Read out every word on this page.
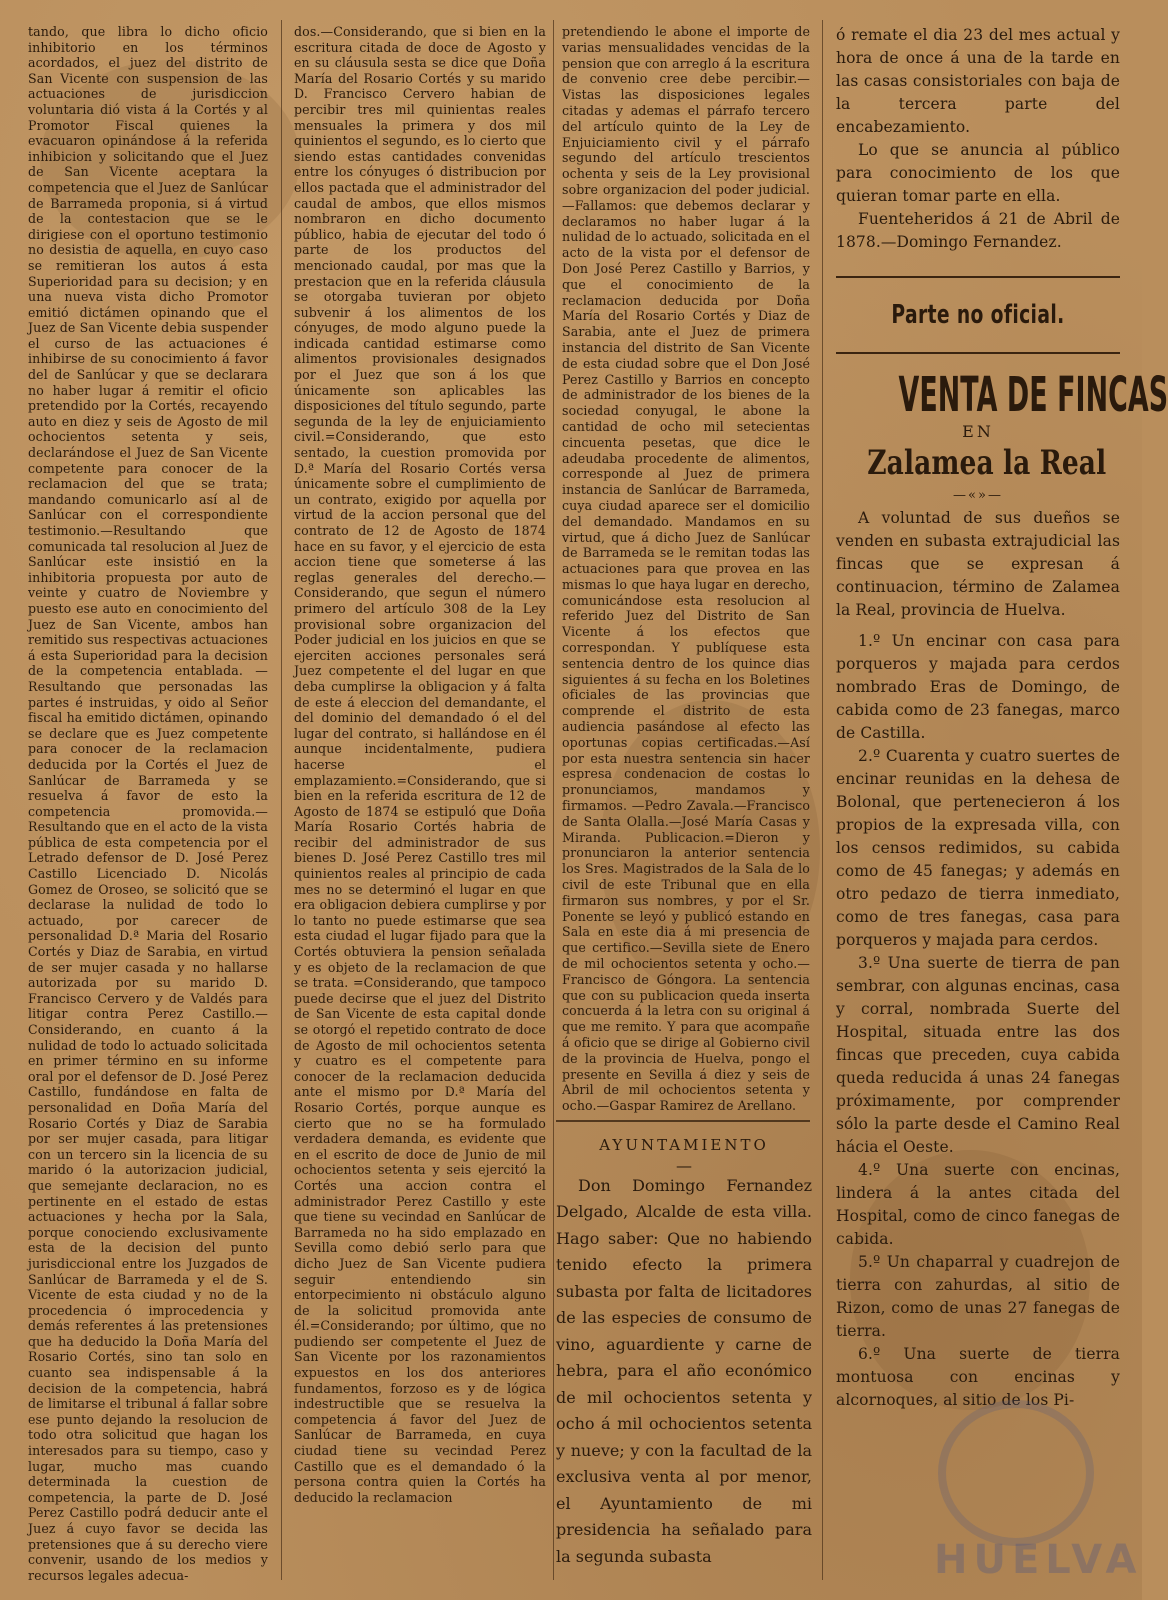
tando, que libra lo dicho oficio inhibitorio en los términos acordados, el juez del distrito de San Vicente con suspension de las actuaciones de jurisdiccion voluntaria dió vista á la Cortés y al Promotor Fiscal quienes la evacuaron opinándose á la referida inhibicion y solicitando que el Juez de San Vicente aceptara la competencia que el Juez de Sanlúcar de Barrameda proponia, si á virtud de la contestacion que se le dirigiese con el oportuno testimonio no desistia de aquella, en cuyo caso se remitieran los autos á esta Superioridad para su decision; y en una nueva vista dicho Promotor emitió dictámen opinando que el Juez de San Vicente debia suspender el curso de las actuaciones é inhibirse de su conocimiento á favor del de Sanlúcar y que se declarara no haber lugar á remitir el oficio pretendido por la Cortés, recayendo auto en diez y seis de Agosto de mil ochocientos setenta y seis, declarándose el Juez de San Vicente competente para conocer de la reclamacion del que se trata; mandando comunicarlo así al de Sanlúcar con el correspondiente testimonio.—Resultando que comunicada tal resolucion al Juez de Sanlúcar este insistió en la inhibitoria propuesta por auto de veinte y cuatro de Noviembre y puesto ese auto en conocimiento del Juez de San Vicente, ambos han remitido sus respectivas actuaciones á esta Superioridad para la decision de la competencia entablada. —Resultando que personadas las partes é instruidas, y oido al Señor fiscal ha emitido dictámen, opinando se declare que es Juez competente para conocer de la reclamacion deducida por la Cortés el Juez de Sanlúcar de Barrameda y se resuelva á favor de esto la competencia promovida.—Resultando que en el acto de la vista pública de esta competencia por el Letrado defensor de D. José Perez Castillo Licenciado D. Nicolás Gomez de Oroseo, se solicitó que se declarase la nulidad de todo lo actuado, por carecer de personalidad D.ª Maria del Rosario Cortés y Diaz de Sarabia, en virtud de ser mujer casada y no hallarse autorizada por su marido D. Francisco Cervero y de Valdés para litigar contra Perez Castillo.—Considerando, en cuanto á la nulidad de todo lo actuado solicitada en primer término en su informe oral por el defensor de D. José Perez Castillo, fundándose en falta de personalidad en Doña María del Rosario Cortés y Diaz de Sarabia por ser mujer casada, para litigar con un tercero sin la licencia de su marido ó la autorizacion judicial, que semejante declaracion, no es pertinente en el estado de estas actuaciones y hecha por la Sala, porque conociendo exclusivamente esta de la decision del punto jurisdiccional entre los Juzgados de Sanlúcar de Barrameda y el de S. Vicente de esta ciudad y no de la procedencia ó improcedencia y demás referentes á las pretensiones que ha deducido la Doña María del Rosario Cortés, sino tan solo en cuanto sea indispensable á la decision de la competencia, habrá de limitarse el tribunal á fallar sobre ese punto dejando la resolucion de todo otra solicitud que hagan los interesados para su tiempo, caso y lugar, mucho mas cuando determinada la cuestion de competencia, la parte de D. José Perez Castillo podrá deducir ante el Juez á cuyo favor se decida las pretensiones que á su derecho viere convenir, usando de los medios y recursos legales adecua-

dos.—Considerando, que si bien en la escritura citada de doce de Agosto y en su cláusula sesta se dice que Doña María del Rosario Cortés y su marido D. Francisco Cervero habian de percibir tres mil quinientas reales mensuales la primera y dos mil quinientos el segundo, es lo cierto que siendo estas cantidades convenidas entre los cónyuges ó distribucion por ellos pactada que el administrador del caudal de ambos, que ellos mismos nombraron en dicho documento público, habia de ejecutar del todo ó parte de los productos del mencionado caudal, por mas que la prestacion que en la referida cláusula se otorgaba tuvieran por objeto subvenir á los alimentos de los cónyuges, de modo alguno puede la indicada cantidad estimarse como alimentos provisionales designados por el Juez que son á los que únicamente son aplicables las disposiciones del título segundo, parte segunda de la ley de enjuiciamiento civil.=Considerando, que esto sentado, la cuestion promovida por D.ª María del Rosario Cortés versa únicamente sobre el cumplimiento de un contrato, exigido por aquella por virtud de la accion personal que del contrato de 12 de Agosto de 1874 hace en su favor, y el ejercicio de esta accion tiene que someterse á las reglas generales del derecho.—Considerando, que segun el número primero del artículo 308 de la Ley provisional sobre organizacion del Poder judicial en los juicios en que se ejerciten acciones personales será Juez competente el del lugar en que deba cumplirse la obligacion y á falta de este á eleccion del demandante, el del dominio del demandado ó el del lugar del contrato, si hallándose en él aunque incidentalmente, pudiera hacerse el emplazamiento.=Considerando, que si bien en la referida escritura de 12 de Agosto de 1874 se estipuló que Doña María Rosario Cortés habria de recibir del administrador de sus bienes D. José Perez Castillo tres mil quinientos reales al principio de cada mes no se determinó el lugar en que era obligacion debiera cumplirse y por lo tanto no puede estimarse que sea esta ciudad el lugar fijado para que la Cortés obtuviera la pension señalada y es objeto de la reclamacion de que se trata. =Considerando, que tampoco puede decirse que el juez del Distrito de San Vicente de esta capital donde se otorgó el repetido contrato de doce de Agosto de mil ochocientos setenta y cuatro es el competente para conocer de la reclamacion deducida ante el mismo por D.ª María del Rosario Cortés, porque aunque es cierto que no se ha formulado verdadera demanda, es evidente que en el escrito de doce de Junio de mil ochocientos setenta y seis ejercitó la Cortés una accion contra el administrador Perez Castillo y este que tiene su vecindad en Sanlúcar de Barrameda no ha sido emplazado en Sevilla como debió serlo para que dicho Juez de San Vicente pudiera seguir entendiendo sin entorpecimiento ni obstáculo alguno de la solicitud promovida ante él.=Considerando; por último, que no pudiendo ser competente el Juez de San Vicente por los razonamientos expuestos en los dos anteriores fundamentos, forzoso es y de lógica indestructible que se resuelva la competencia á favor del Juez de Sanlúcar de Barrameda, en cuya ciudad tiene su vecindad Perez Castillo que es el demandado ó la persona contra quien la Cortés ha deducido la reclamacion

pretendiendo le abone el importe de varias mensualidades vencidas de la pension que con arreglo á la escritura de convenio cree debe percibir.—Vistas las disposiciones legales citadas y ademas el párrafo tercero del artículo quinto de la Ley de Enjuiciamiento civil y el párrafo segundo del artículo trescientos ochenta y seis de la Ley provisional sobre organizacion del poder judicial.—Fallamos: que debemos declarar y declaramos no haber lugar á la nulidad de lo actuado, solicitada en el acto de la vista por el defensor de Don José Perez Castillo y Barrios, y que el conocimiento de la reclamacion deducida por Doña María del Rosario Cortés y Diaz de Sarabia, ante el Juez de primera instancia del distrito de San Vicente de esta ciudad sobre que el Don José Perez Castillo y Barrios en concepto de administrador de los bienes de la sociedad conyugal, le abone la cantidad de ocho mil setecientas cincuenta pesetas, que dice le adeudaba procedente de alimentos, corresponde al Juez de primera instancia de Sanlúcar de Barrameda, cuya ciudad aparece ser el domicilio del demandado. Mandamos en su virtud, que á dicho Juez de Sanlúcar de Barrameda se le remitan todas las actuaciones para que provea en las mismas lo que haya lugar en derecho, comunicándose esta resolucion al referido Juez del Distrito de San Vicente á los efectos que correspondan. Y publíquese esta sentencia dentro de los quince dias siguientes á su fecha en los Boletines oficiales de las provincias que comprende el distrito de esta audiencia pasándose al efecto las oportunas copias certificadas.—Así por esta nuestra sentencia sin hacer espresa condenacion de costas lo pronunciamos, mandamos y firmamos. —Pedro Zavala.—Francisco de Santa Olalla.—José María Casas y Miranda. Publicacion.=Dieron y pronunciaron la anterior sentencia los Sres. Magistrados de la Sala de lo civil de este Tribunal que en ella firmaron sus nombres, y por el Sr. Ponente se leyó y publicó estando en Sala en este dia á mi presencia de que certifico.—Sevilla siete de Enero de mil ochocientos setenta y ocho.—Francisco de Góngora. La sentencia que con su publicacion queda inserta concuerda á la letra con su original á que me remito. Y para que acompañe á oficio que se dirige al Gobierno civil de la provincia de Huelva, pongo el presente en Sevilla á diez y seis de Abril de mil ochocientos setenta y ocho.—Gaspar Ramirez de Arellano.

AYUNTAMIENTO

—

Don Domingo Fernandez Delgado, Alcalde de esta villa. Hago saber: Que no habiendo tenido efecto la primera subasta por falta de licitadores de las especies de consumo de vino, aguardiente y carne de hebra, para el año económico de mil ochocientos setenta y ocho á mil ochocientos setenta y nueve; y con la facultad de la exclusiva venta al por menor, el Ayuntamiento de mi presidencia ha señalado para la segunda subasta

ó remate el dia 23 del mes actual y hora de once á una de la tarde en las casas consistoriales con baja de la tercera parte del encabezamiento.

Lo que se anuncia al público para conocimiento de los que quieran tomar parte en ella.

Fuenteheridos á 21 de Abril de 1878.—Domingo Fernandez.

Parte no oficial.

VENTA DE FINCAS

EN

Zalamea la Real

—«»—

A voluntad de sus dueños se venden en subasta extrajudicial las fincas que se expresan á continuacion, término de Zalamea la Real, provincia de Huelva.

1.º Un encinar con casa para porqueros y majada para cerdos nombrado Eras de Domingo, de cabida como de 23 fanegas, marco de Castilla.

2.º Cuarenta y cuatro suertes de encinar reunidas en la dehesa de Bolonal, que pertenecieron á los propios de la expresada villa, con los censos redimidos, su cabida como de 45 fanegas; y además en otro pedazo de tierra inmediato, como de tres fanegas, casa para porqueros y majada para cerdos.

3.º Una suerte de tierra de pan sembrar, con algunas encinas, casa y corral, nombrada Suerte del Hospital, situada entre las dos fincas que preceden, cuya cabida queda reducida á unas 24 fanegas próximamente, por comprender sólo la parte desde el Camino Real hácia el Oeste.

4.º Una suerte con encinas, lindera á la antes citada del Hospital, como de cinco fanegas de cabida.

5.º Un chaparral y cuadrejon de tierra con zahurdas, al sitio de Rizon, como de unas 27 fanegas de tierra.

6.º Una suerte de tierra montuosa con encinas y alcornoques, al sitio de los Pi-

HUELVA
